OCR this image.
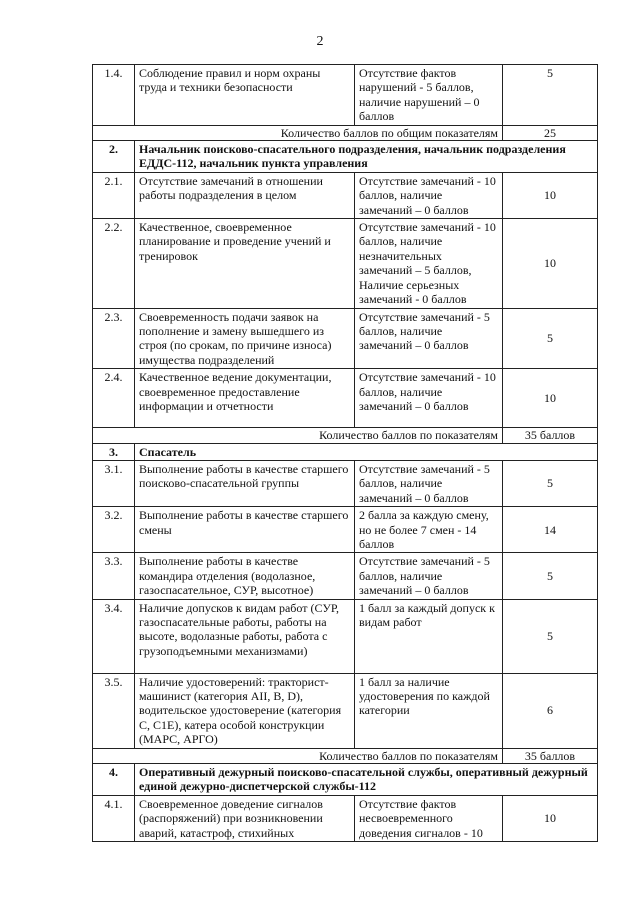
2
1.4.	Соблюдение правил и норм охраны труда и техники безопасности	Отсутствие фактов нарушений - 5 баллов, наличие нарушений – 0 баллов	5
Количество баллов по общим показателям			25
2.	Начальник поисково-спасательного подразделения, начальник подразделения ЕДДС-112, начальник пункта управления		
2.1.	Отсутствие замечаний в отношении работы подразделения в целом	Отсутствие замечаний - 10 баллов, наличие замечаний – 0 баллов	10
2.2.	Качественное, своевременное планирование и проведение учений и тренировок	Отсутствие замечаний - 10 баллов, наличие незначительных замечаний – 5 баллов, Наличие серьезных замечаний - 0 баллов	10
2.3.	Своевременность подачи заявок на пополнение и замену вышедшего из строя (по срокам, по причине износа) имущества подразделений	Отсутствие замечаний - 5 баллов, наличие замечаний – 0 баллов	5
2.4.	Качественное ведение документации, своевременное предоставление информации и отчетности	Отсутствие замечаний - 10 баллов, наличие замечаний – 0 баллов	10
Количество баллов по показателям			35 баллов
3.	Спасатель		
3.1.	Выполнение работы в качестве старшего поисково-спасательной группы	Отсутствие замечаний - 5 баллов, наличие замечаний – 0 баллов	5
3.2.	Выполнение работы в качестве старшего смены	2 балла за каждую смену, но не более 7 смен - 14 баллов	14
3.3.	Выполнение работы в качестве командира отделения (водолазное, газоспасательное, СУР, высотное)	Отсутствие замечаний - 5 баллов, наличие замечаний – 0 баллов	5
3.4.	Наличие допусков к видам работ (СУР, газоспасательные работы, работы на высоте, водолазные работы, работа с грузоподъемными механизмами)	1 балл за каждый допуск к видам работ	5
3.5.	Наличие удостоверений: тракторист-машинист (категория AII, B, D), водительское удостоверение (категория С, С1Е), катера особой конструкции (МАРС, АРГО)	1 балл за наличие удостоверения по каждой категории	6
Количество баллов по показателям			35 баллов
4.	Оперативный дежурный поисково-спасательной службы, оперативный дежурный единой дежурно-диспетчерской службы-112		
4.1.	Своевременное доведение сигналов (распоряжений) при возникновении аварий, катастроф, стихийных	Отсутствие фактов несвоевременного доведения сигналов - 10	10
